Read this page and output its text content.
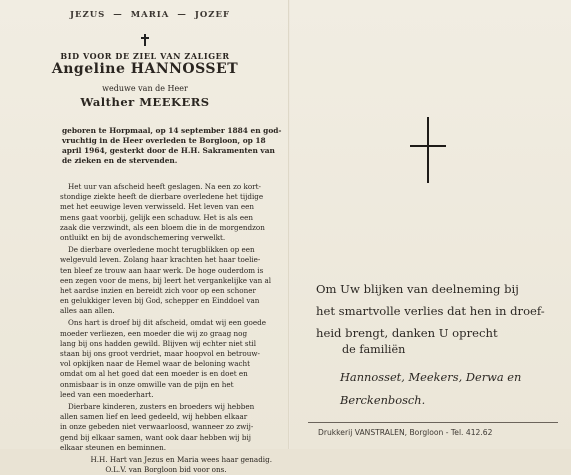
JEZUS — MARIA — JOZEF
BID VOOR DE ZIEL VAN ZALIGER
Angeline HANNOSSET
weduwe van de Heer
Walther MEEKERS
geboren te Horpmaal, op 14 september 1884 en god-
vruchtig in de Heer overleden te Borgloon, op 18
april 1964, gesterkt door de H.H. Sakramenten van
de zieken en de stervenden.
Het uur van afscheid heeft geslagen. Na een zo kort-
stondige ziekte heeft de dierbare overledene het tijdige
met het eeuwige leven verwisseld. Het leven van een
mens gaat voorbij, gelijk een schaduw. Het is als een
zaak die verzwindt, als een bloem die in de morgendzon
ontluikt en bij de avondschemering verwelkt.
De dierbare overledene mocht terugblikken op een
welgevuld leven. Zolang haar krachten het haar toelie-
ten bleef ze trouw aan haar werk. De hoge ouderdom is
een zegen voor de mens, bij leert het vergankelijke van al
het aardse inzien en bereidt zich voor op een schoner
en gelukkiger leven bij God, schepper en Einddoel van
alles aan allen.
Ons hart is droef bij dit afscheid, omdat wij een goede
moeder verliezen, een moeder die wij zo graag nog
lang bij ons hadden gewild. Blijven wij echter niet stil
staan bij ons groot verdriet, maar hoopvol en betrouw-
vol opkijken naar de Hemel waar de beloning wacht
omdat om al het goed dat een moeder is en doet en
onmisbaar is in onze omwille van de pijn en het
leed van een moederhart.
Dierbare kinderen, zusters en broeders wij hebben
allen samen lief en leed gedeeld, wij hebben elkaar
in onze gebeden niet verwaarloosd, wanneer zo zwij-
gend bij elkaar samen, want ook daar hebben wij bij
elkaar steunen en beminnen.
H.H. Hart van Jezus en Maria wees haar genadig.
O.L.V. van Borgloon bid voor ons.
Om Uw blijken van deelneming bij
het smartvolle verlies dat hen in droef-
heid brengt, danken U oprecht
de familiën
Hannosset, Meekers, Derwa en
Berckenbosch.
Drukkerij VANSTRALEN, Borgloon - Tel. 412.62
